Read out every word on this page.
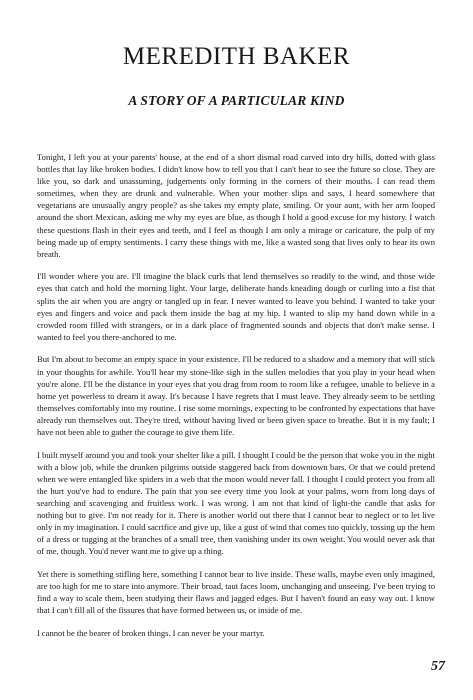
MEREDITH BAKER
A STORY OF A PARTICULAR KIND

Tonight, I left you at your parents' house, at the end of a short dismal road carved into dry hills, dotted with glass bottles that lay like broken bodies. I didn't know how to tell you that I can't bear to see the future so close. They are like you, so dark and unassuming, judgements only forming in the corners of their mouths. I can read them sometimes, when they are drunk and vulnerable. When your mother slips and says, I heard somewhere that vegetarians are unusually angry people? as she takes my empty plate, smiling. Or your aunt, with her arm looped around the short Mexican, asking me why my eyes are blue, as though I hold a good excuse for my history. I watch these questions flash in their eyes and teeth, and I feel as though I am only a mirage or caricature, the pulp of my being made up of empty sentiments. I carry these things with me, like a wasted song that lives only to hear its own breath.

I'll wonder where you are. I'll imagine the black curls that lend themselves so readily to the wind, and those wide eyes that catch and hold the morning light. Your large, deliberate hands kneading dough or curling into a fist that splits the air when you are angry or tangled up in fear. I never wanted to leave you behind. I wanted to take your eyes and fingers and voice and pack them inside the bag at my hip. I wanted to slip my hand down while in a crowded room filled with strangers, or in a dark place of fragmented sounds and objects that don't make sense. I wanted to feel you there-anchored to me.

But I'm about to become an empty space in your existence. I'll be reduced to a shadow and a memory that will stick in your thoughts for awhile. You'll hear my stone-like sigh in the sullen melodies that you play in your head when you're alone. I'll be the distance in your eyes that you drag from room to room like a refugee, unable to believe in a home yet powerless to dream it away. It's because I have regrets that I must leave. They already seem to be settling themselves comfortably into my routine. I rise some mornings, expecting to be confronted by expectations that have already run themselves out. They're tired, without having lived or been given space to breathe. But it is my fault; I have not been able to gather the courage to give them life.

I built myself around you and took your shelter like a pill. I thought I could be the person that woke you in the night with a blow job, while the drunken pilgrims outside staggered back from downtown bars. Or that we could pretend when we were entangled like spiders in a web that the moon would never fall. I thought I could protect you from all the hurt you've had to endure. The pain that you see every time you look at your palms, worn from long days of searching and scavenging and fruitless work. I was wrong. I am not that kind of light-the candle that asks for nothing but to give. I'm not ready for it. There is another world out there that I cannot bear to neglect or to let live only in my imagination. I could sacrifice and give up, like a gust of wind that comes too quickly, tossing up the hem of a dress or tugging at the branches of a small tree, then vanishing under its own weight. You would never ask that of me, though. You'd never want me to give up a thing.

Yet there is something stifling here, something I cannot bear to live inside. These walls, maybe even only imagined, are too high for me to stare into anymore. Their broad, taut faces loom, unchanging and unseeing. I've been trying to find a way to scale them, been studying their flaws and jagged edges. But I haven't found an easy way out. I know that I can't fill all of the fissures that have formed between us, or inside of me.

I cannot be the bearer of broken things. I can never be your martyr.

57
